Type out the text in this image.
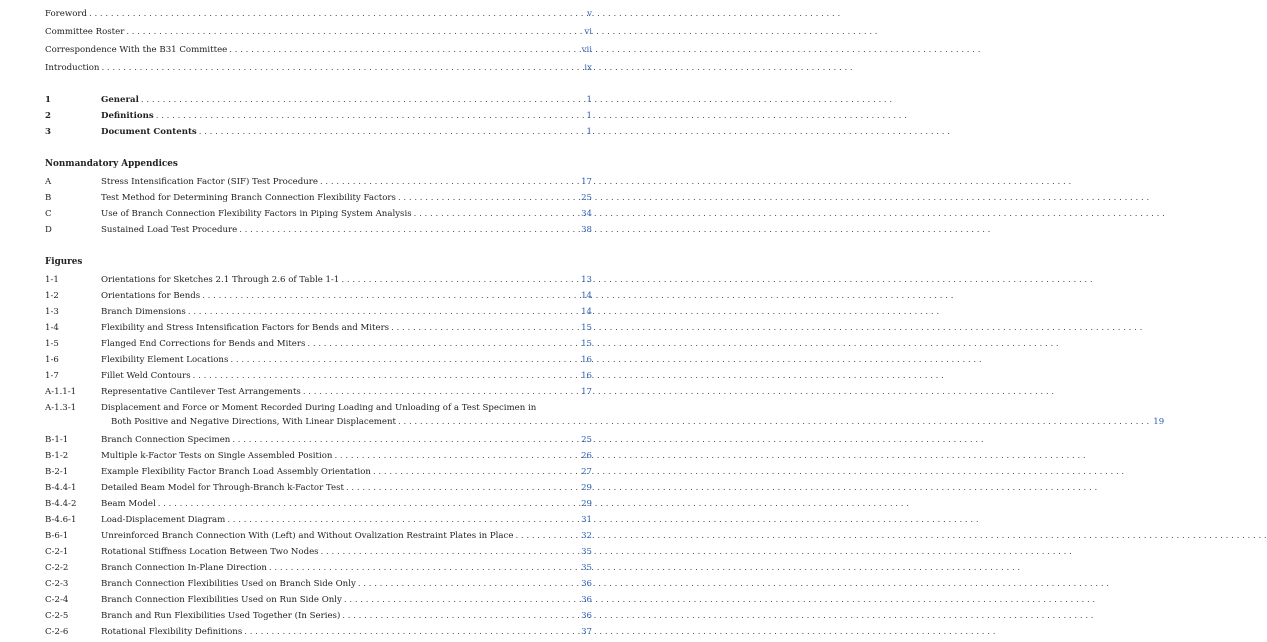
Foreword . . .	v
Committee Roster . . .	vi
Correspondence With the B31 Committee . . .	vii
Introduction . . .	ix
1	General . . .	1
2	Definitions . . .	1
3	Document Contents . . .	1
Nonmandatory Appendices
A	Stress Intensification Factor (SIF) Test Procedure . . .	17
B	Test Method for Determining Branch Connection Flexibility Factors . . .	25
C	Use of Branch Connection Flexibility Factors in Piping System Analysis . . .	34
D	Sustained Load Test Procedure . . .	38
Figures
1-1	Orientations for Sketches 2.1 Through 2.6 of Table 1-1 . . .	13
1-2	Orientations for Bends . . .	14
1-3	Branch Dimensions . . .	14
1-4	Flexibility and Stress Intensification Factors for Bends and Miters . . .	15
1-5	Flanged End Corrections for Bends and Miters . . .	15
1-6	Flexibility Element Locations . . .	16
1-7	Fillet Weld Contours . . .	16
A-1.1-1	Representative Cantilever Test Arrangements . . .	17
A-1.3-1	Displacement and Force or Moment Recorded During Loading and Unloading of a Test Specimen in
Both Positive and Negative Directions, With Linear Displacement . . .	19
B-1-1	Branch Connection Specimen . . .	25
B-1-2	Multiple k-Factor Tests on Single Assembled Position . . .	26
B-2-1	Example Flexibility Factor Branch Load Assembly Orientation . . .	27
B-4.4-1	Detailed Beam Model for Through-Branch k-Factor Test . . .	29
B-4.4-2	Beam Model . . .	29
B-4.6-1	Load-Displacement Diagram . . .	31
B-6-1	Unreinforced Branch Connection With (Left) and Without Ovalization Restraint Plates in Place . . .	32
C-2-1	Rotational Stiffness Location Between Two Nodes . . .	35
C-2-2	Branch Connection In-Plane Direction . . .	35
C-2-3	Branch Connection Flexibilities Used on Branch Side Only . . .	36
C-2-4	Branch Connection Flexibilities Used on Run Side Only . . .	36
C-2-5	Branch and Run Flexibilities Used Together (In Series) . . .	36
C-2-6	Rotational Flexibility Definitions . . .	37
